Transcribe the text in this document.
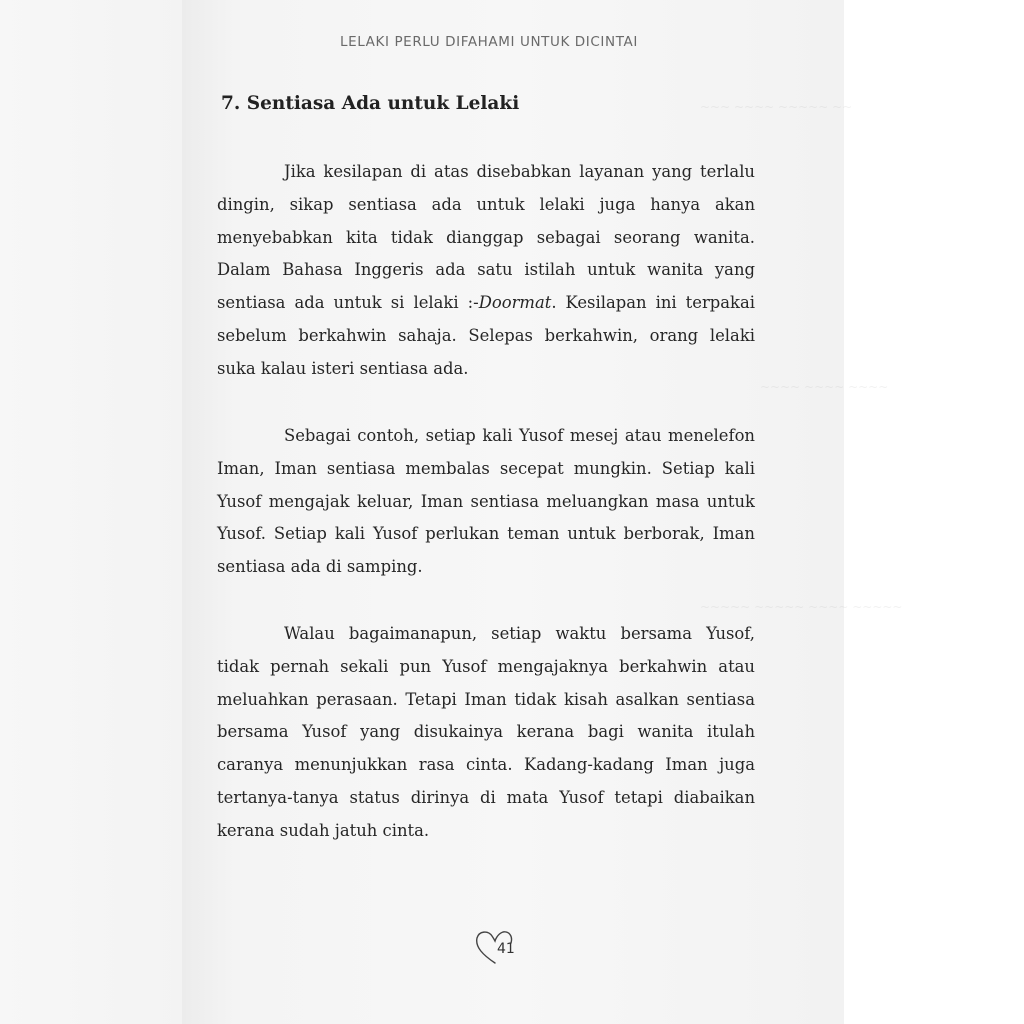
~~~ ~~~~ ~~~~~ ~~
~~~~ ~~~~ ~~~~
~~~~~ ~~~~~ ~~~~ ~~~~~
LELAKI PERLU DIFAHAMI UNTUK DICINTAI
7. Sentiasa Ada untuk Lelaki
Jika kesilapan di atas disebabkan layanan yang terlalu
dingin, sikap sentiasa ada untuk lelaki juga hanya akan
menyebabkan kita tidak dianggap sebagai seorang wanita.
Dalam Bahasa Inggeris ada satu istilah untuk wanita yang
sentiasa ada untuk si lelaki :-Doormat. Kesilapan ini terpakai
sebelum berkahwin sahaja. Selepas berkahwin, orang lelaki
suka kalau isteri sentiasa ada.
Sebagai contoh, setiap kali Yusof mesej atau menelefon
Iman, Iman sentiasa membalas secepat mungkin. Setiap kali
Yusof mengajak keluar, Iman sentiasa meluangkan masa untuk
Yusof. Setiap kali Yusof perlukan teman untuk berborak, Iman
sentiasa ada di samping.
Walau bagaimanapun, setiap waktu bersama Yusof,
tidak pernah sekali pun Yusof mengajaknya berkahwin atau
meluahkan perasaan. Tetapi Iman tidak kisah asalkan sentiasa
bersama Yusof yang disukainya kerana bagi wanita itulah
caranya menunjukkan rasa cinta. Kadang-kadang Iman juga
tertanya-tanya status dirinya di mata Yusof tetapi diabaikan
kerana sudah jatuh cinta.
41
